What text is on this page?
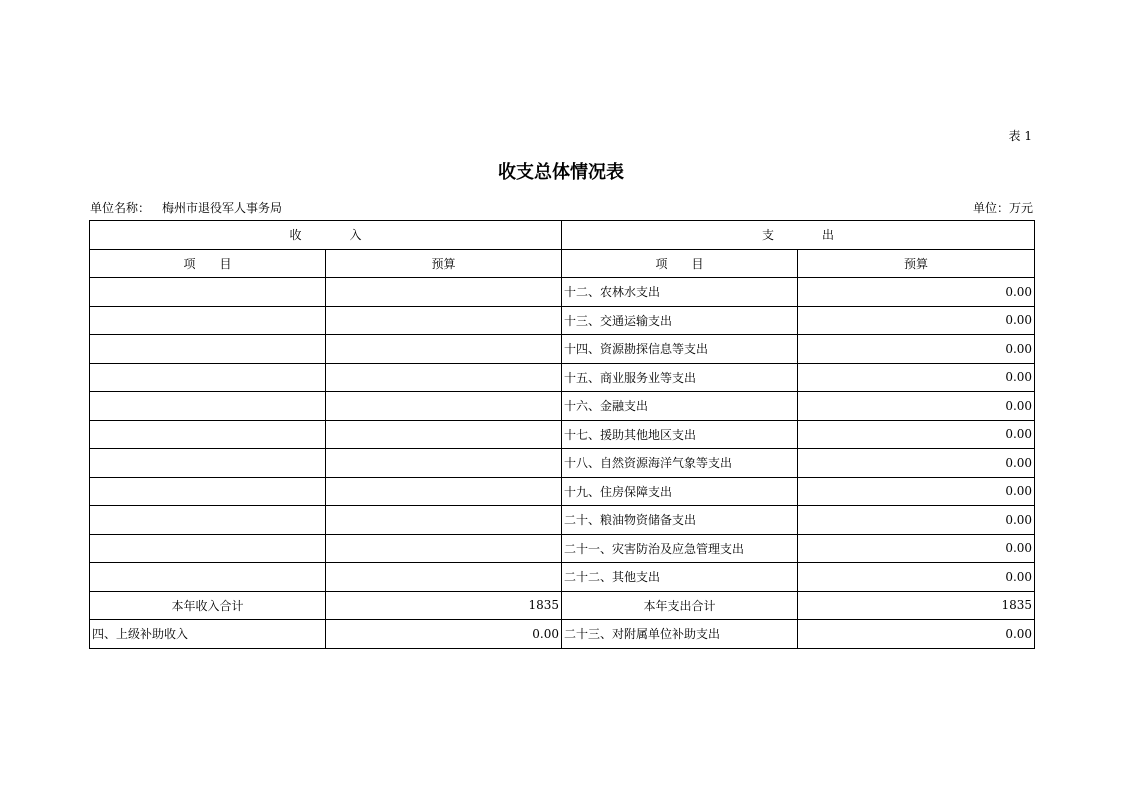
表 1
收支总体情况表
单位名称： 梅州市退役军人事务局	单位：万元
收　　　　入		支　　　　出	
项　　目	预算	项　　目	预算
		十二、农林水支出	0.00
		十三、交通运输支出	0.00
		十四、资源勘探信息等支出	0.00
		十五、商业服务业等支出	0.00
		十六、金融支出	0.00
		十七、援助其他地区支出	0.00
		十八、自然资源海洋气象等支出	0.00
		十九、住房保障支出	0.00
		二十、粮油物资储备支出	0.00
		二十一、灾害防治及应急管理支出	0.00
		二十二、其他支出	0.00
本年收入合计	1835	本年支出合计	1835
四、上级补助收入	0.00	二十三、对附属单位补助支出	0.00
